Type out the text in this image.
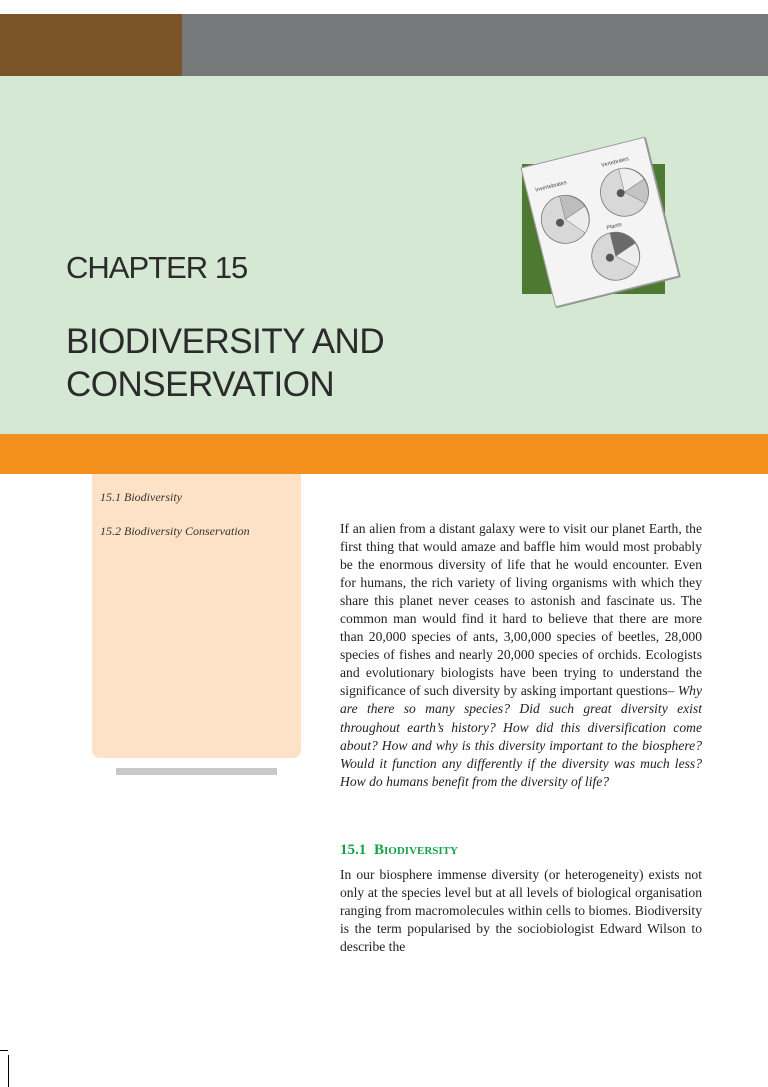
Invertebrates
Vertebrates
Plants
CHAPTER 15
BIODIVERSITY AND
CONSERVATION
15.1 Biodiversity
15.2 Biodiversity Conservation	If an alien from a distant galaxy were to visit our planet Earth, the first thing that would amaze and baffle him would most probably be the enormous diversity of life that he would encounter. Even for humans, the rich variety of living organisms with which they share this planet never ceases to astonish and fascinate us. The common man would find it hard to believe that there are more than 20,000 species of ants, 3,00,000 species of beetles, 28,000 species of fishes and nearly 20,000 species of orchids. Ecologists and evolutionary biologists have been trying to understand the significance of such diversity by asking important questions– Why are there so many species? Did such great diversity exist throughout earth’s history? How did this diversification come about? How and why is this diversity important to the biosphere? Would it function any differently if the diversity was much less? How do humans benefit from the diversity of life?

15.1 Biodiversity

In our biosphere immense diversity (or heterogeneity) exists not only at the species level but at all levels of biological organisation ranging from macromolecules within cells to biomes. Biodiversity is the term popularised by the sociobiologist Edward Wilson to describe the
